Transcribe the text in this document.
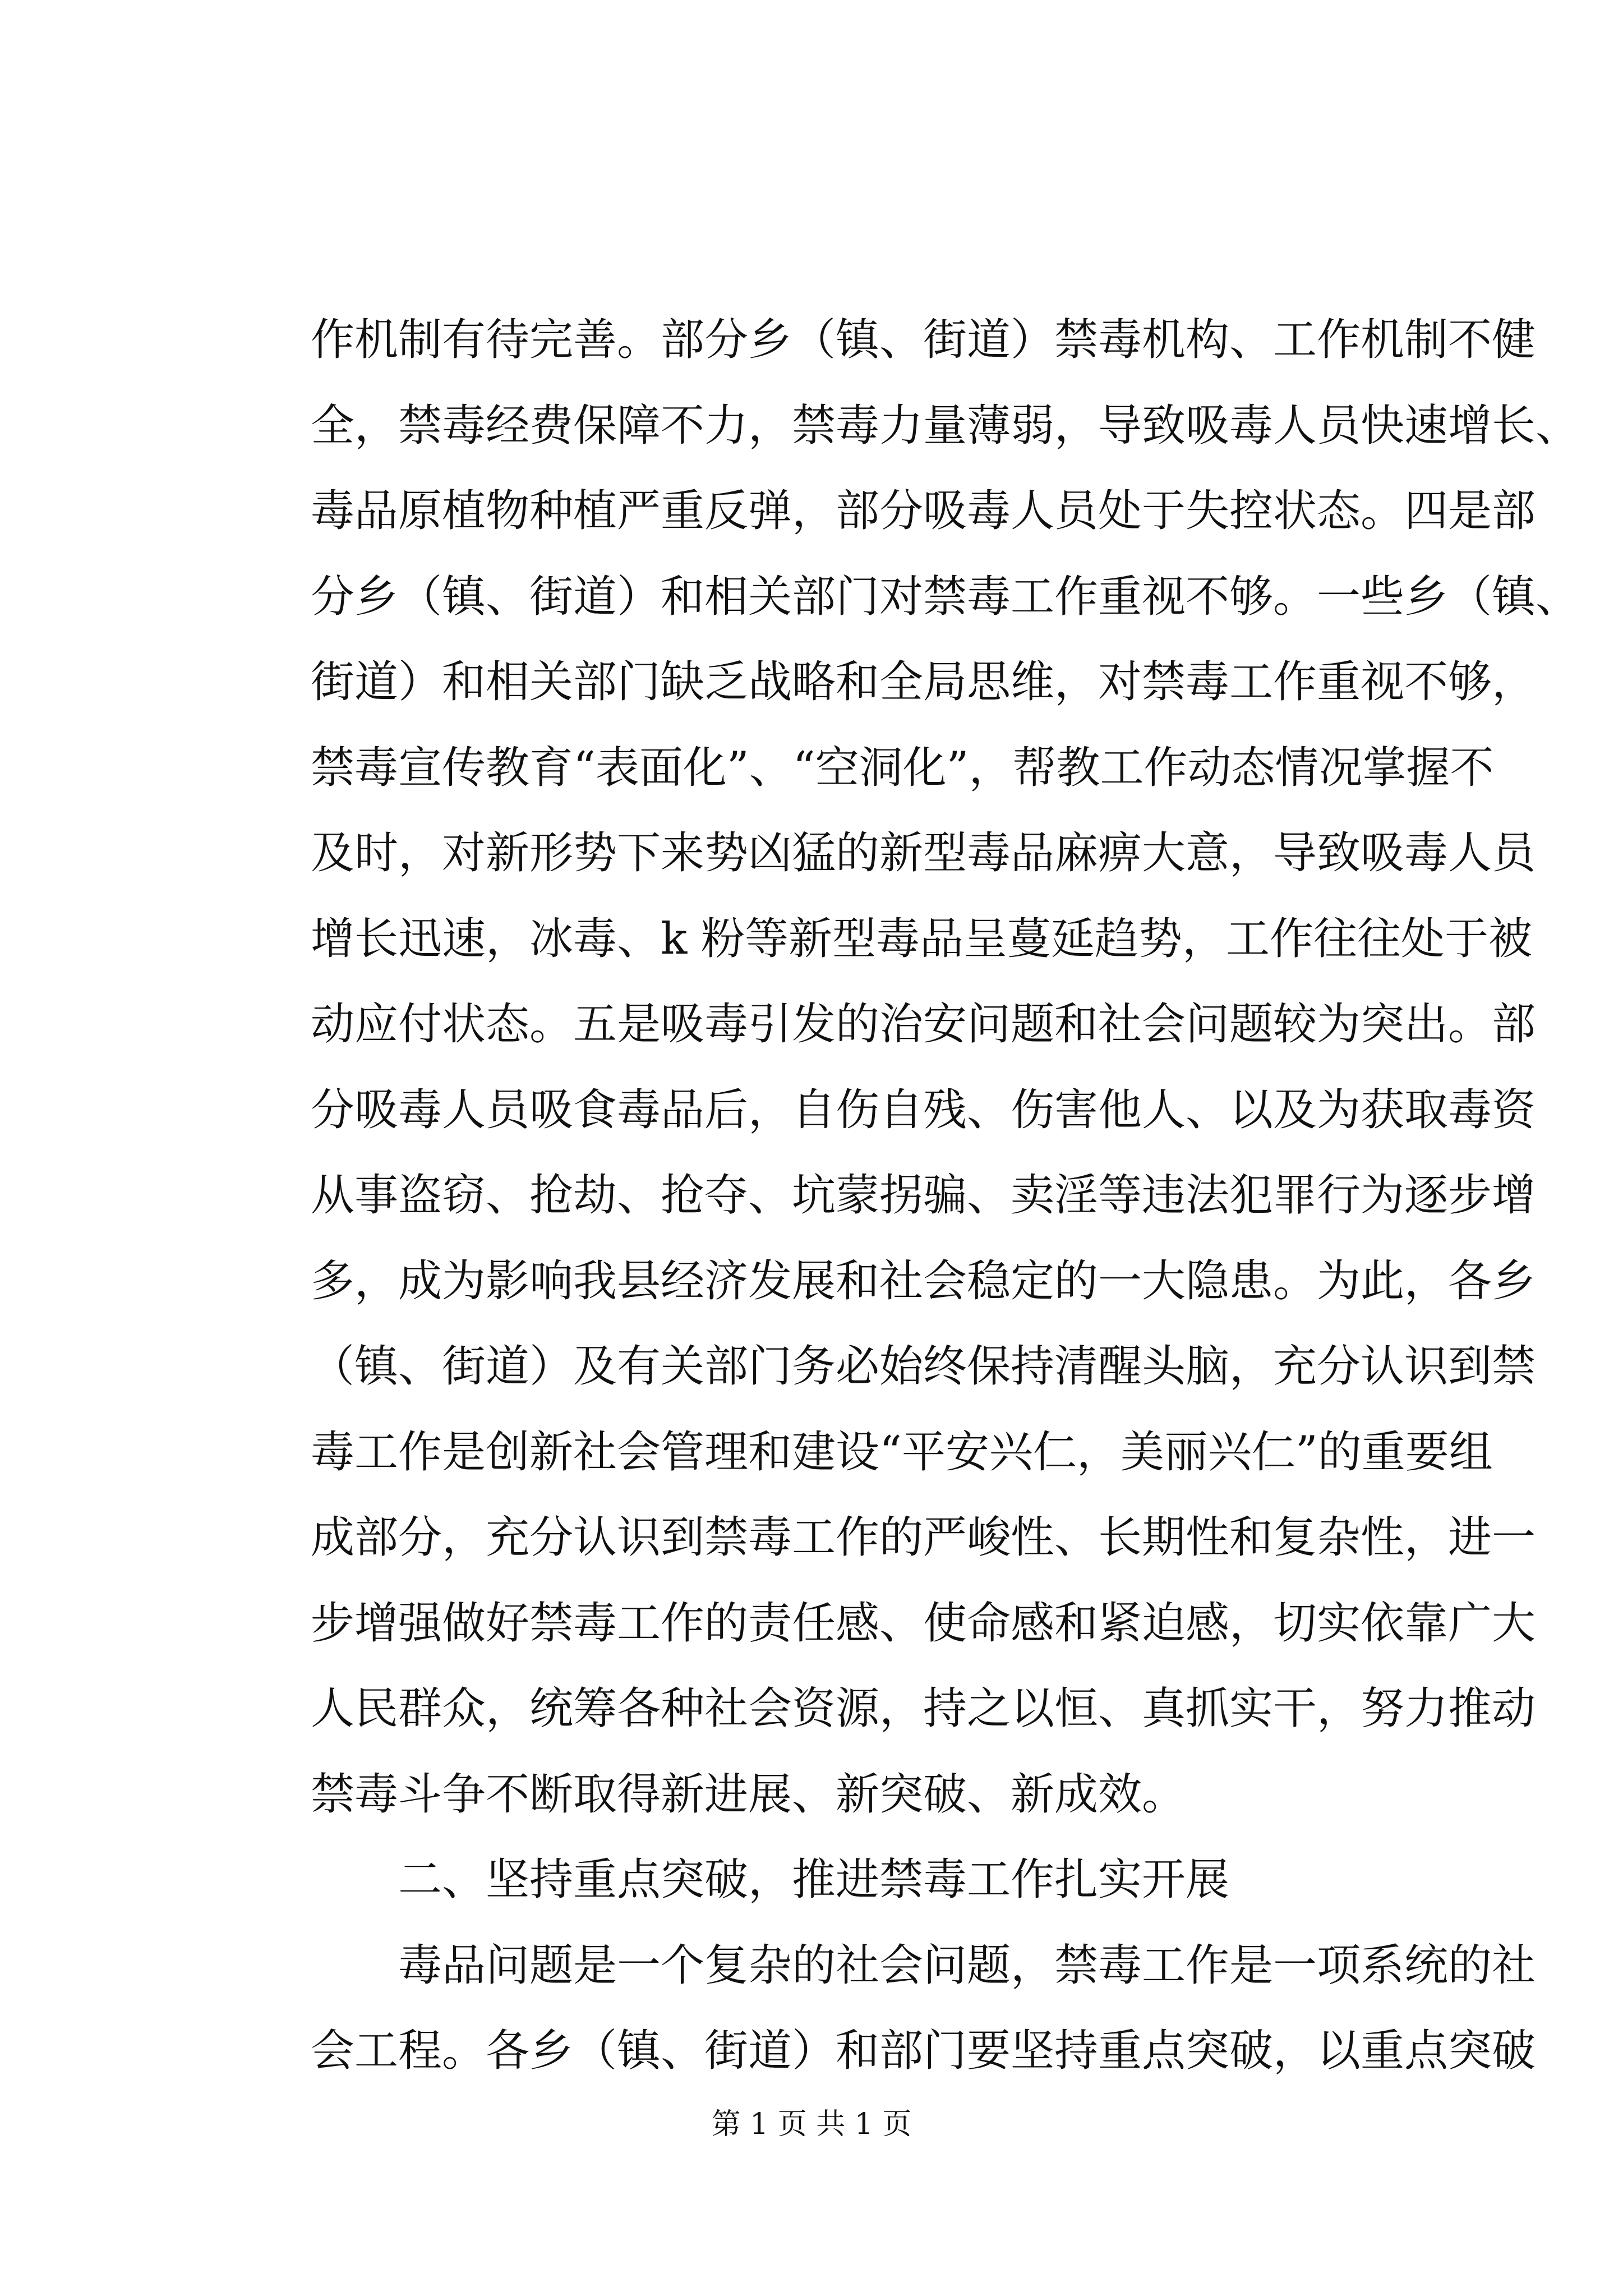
作机制有待完善。部分乡（镇、街道）禁毒机构、工作机制不健
全，禁毒经费保障不力，禁毒力量薄弱，导致吸毒人员快速增长、
毒品原植物种植严重反弹，部分吸毒人员处于失控状态。四是部
分乡（镇、街道）和相关部门对禁毒工作重视不够。一些乡（镇、
街道）和相关部门缺乏战略和全局思维，对禁毒工作重视不够，
禁毒宣传教育“表面化”、“空洞化”，帮教工作动态情况掌握不
及时，对新形势下来势凶猛的新型毒品麻痹大意，导致吸毒人员
增长迅速，冰毒、k 粉等新型毒品呈蔓延趋势，工作往往处于被
动应付状态。五是吸毒引发的治安问题和社会问题较为突出。部
分吸毒人员吸食毒品后，自伤自残、伤害他人、以及为获取毒资
从事盗窃、抢劫、抢夺、坑蒙拐骗、卖淫等违法犯罪行为逐步增
多，成为影响我县经济发展和社会稳定的一大隐患。为此，各乡
（镇、街道）及有关部门务必始终保持清醒头脑，充分认识到禁
毒工作是创新社会管理和建设“平安兴仁，美丽兴仁”的重要组
成部分，充分认识到禁毒工作的严峻性、长期性和复杂性，进一
步增强做好禁毒工作的责任感、使命感和紧迫感，切实依靠广大
人民群众，统筹各种社会资源，持之以恒、真抓实干，努力推动
禁毒斗争不断取得新进展、新突破、新成效。
二、坚持重点突破，推进禁毒工作扎实开展
毒品问题是一个复杂的社会问题，禁毒工作是一项系统的社
会工程。各乡（镇、街道）和部门要坚持重点突破，以重点突破
第 1 页 共 1 页
